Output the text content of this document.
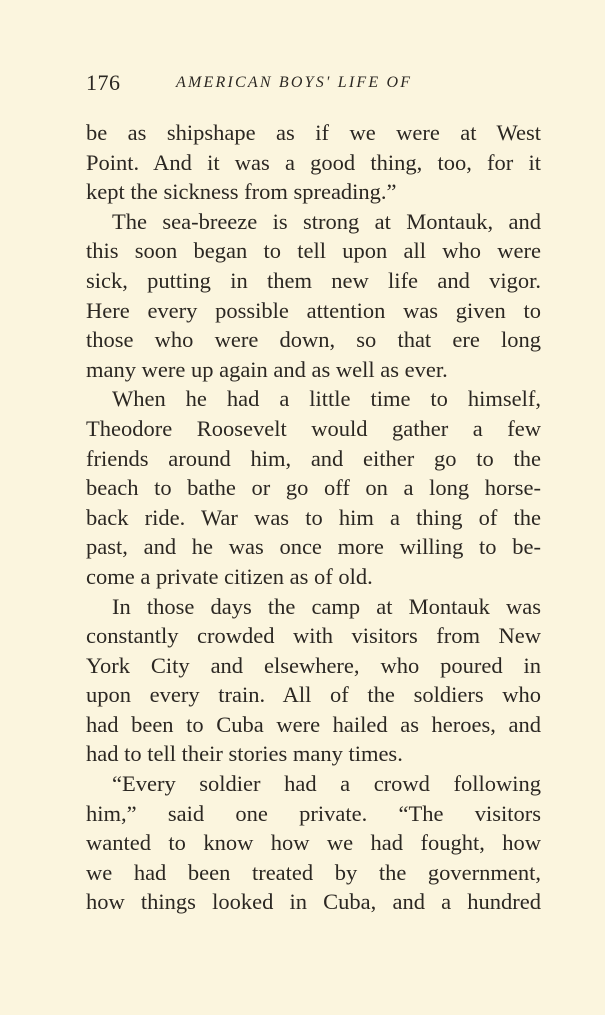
176	AMERICAN BOYS' LIFE OF
be as shipshape as if we were at West
Point. And it was a good thing, too, for it
kept the sickness from spreading.”
The sea-breeze is strong at Montauk, and
this soon began to tell upon all who were
sick, putting in them new life and vigor.
Here every possible attention was given to
those who were down, so that ere long
many were up again and as well as ever.
When he had a little time to himself,
Theodore Roosevelt would gather a few
friends around him, and either go to the
beach to bathe or go off on a long horse-
back ride. War was to him a thing of the
past, and he was once more willing to be-
come a private citizen as of old.
In those days the camp at Montauk was
constantly crowded with visitors from New
York City and elsewhere, who poured in
upon every train. All of the soldiers who
had been to Cuba were hailed as heroes, and
had to tell their stories many times.
“Every soldier had a crowd following
him,” said one private. “The visitors
wanted to know how we had fought, how
we had been treated by the government,
how things looked in Cuba, and a hundred
